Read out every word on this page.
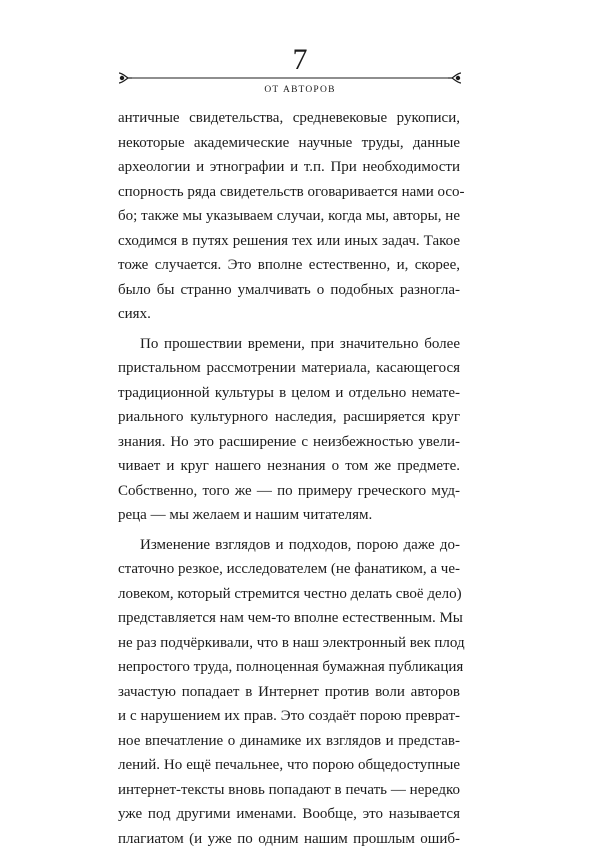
7
ОТ АВТОРОВ
античные свидетельства, средневековые рукописи,
некоторые академические научные труды, данные
археологии и этнографии и т.п. При необходимости
спорность ряда свидетельств оговаривается нами осо-
бо; также мы указываем случаи, когда мы, авторы, не
сходимся в путях решения тех или иных задач. Такое
тоже случается. Это вполне естественно, и, скорее,
было бы странно умалчивать о подобных разногла-
сиях.
По прошествии времени, при значительно более
пристальном рассмотрении материала, касающегося
традиционной культуры в целом и отдельно немате-
риального культурного наследия, расширяется круг
знания. Но это расширение с неизбежностью увели-
чивает и круг нашего незнания о том же предмете.
Собственно, того же — по примеру греческого муд-
реца — мы желаем и нашим читателям.
Изменение взглядов и подходов, порою даже до-
статочно резкое, исследователем (не фанатиком, а че-
ловеком, который стремится честно делать своё дело)
представляется нам чем-то вполне естественным. Мы
не раз подчёркивали, что в наш электронный век плод
непростого труда, полноценная бумажная публикация
зачастую попадает в Интернет против воли авторов
и с нарушением их прав. Это создаёт порою преврат-
ное впечатление о динамике их взглядов и представ-
лений. Но ещё печальнее, что порою общедоступные
интернет-тексты вновь попадают в печать — нередко
уже под другими именами. Вообще, это называется
плагиатом (и уже по одним нашим прошлым ошиб-
